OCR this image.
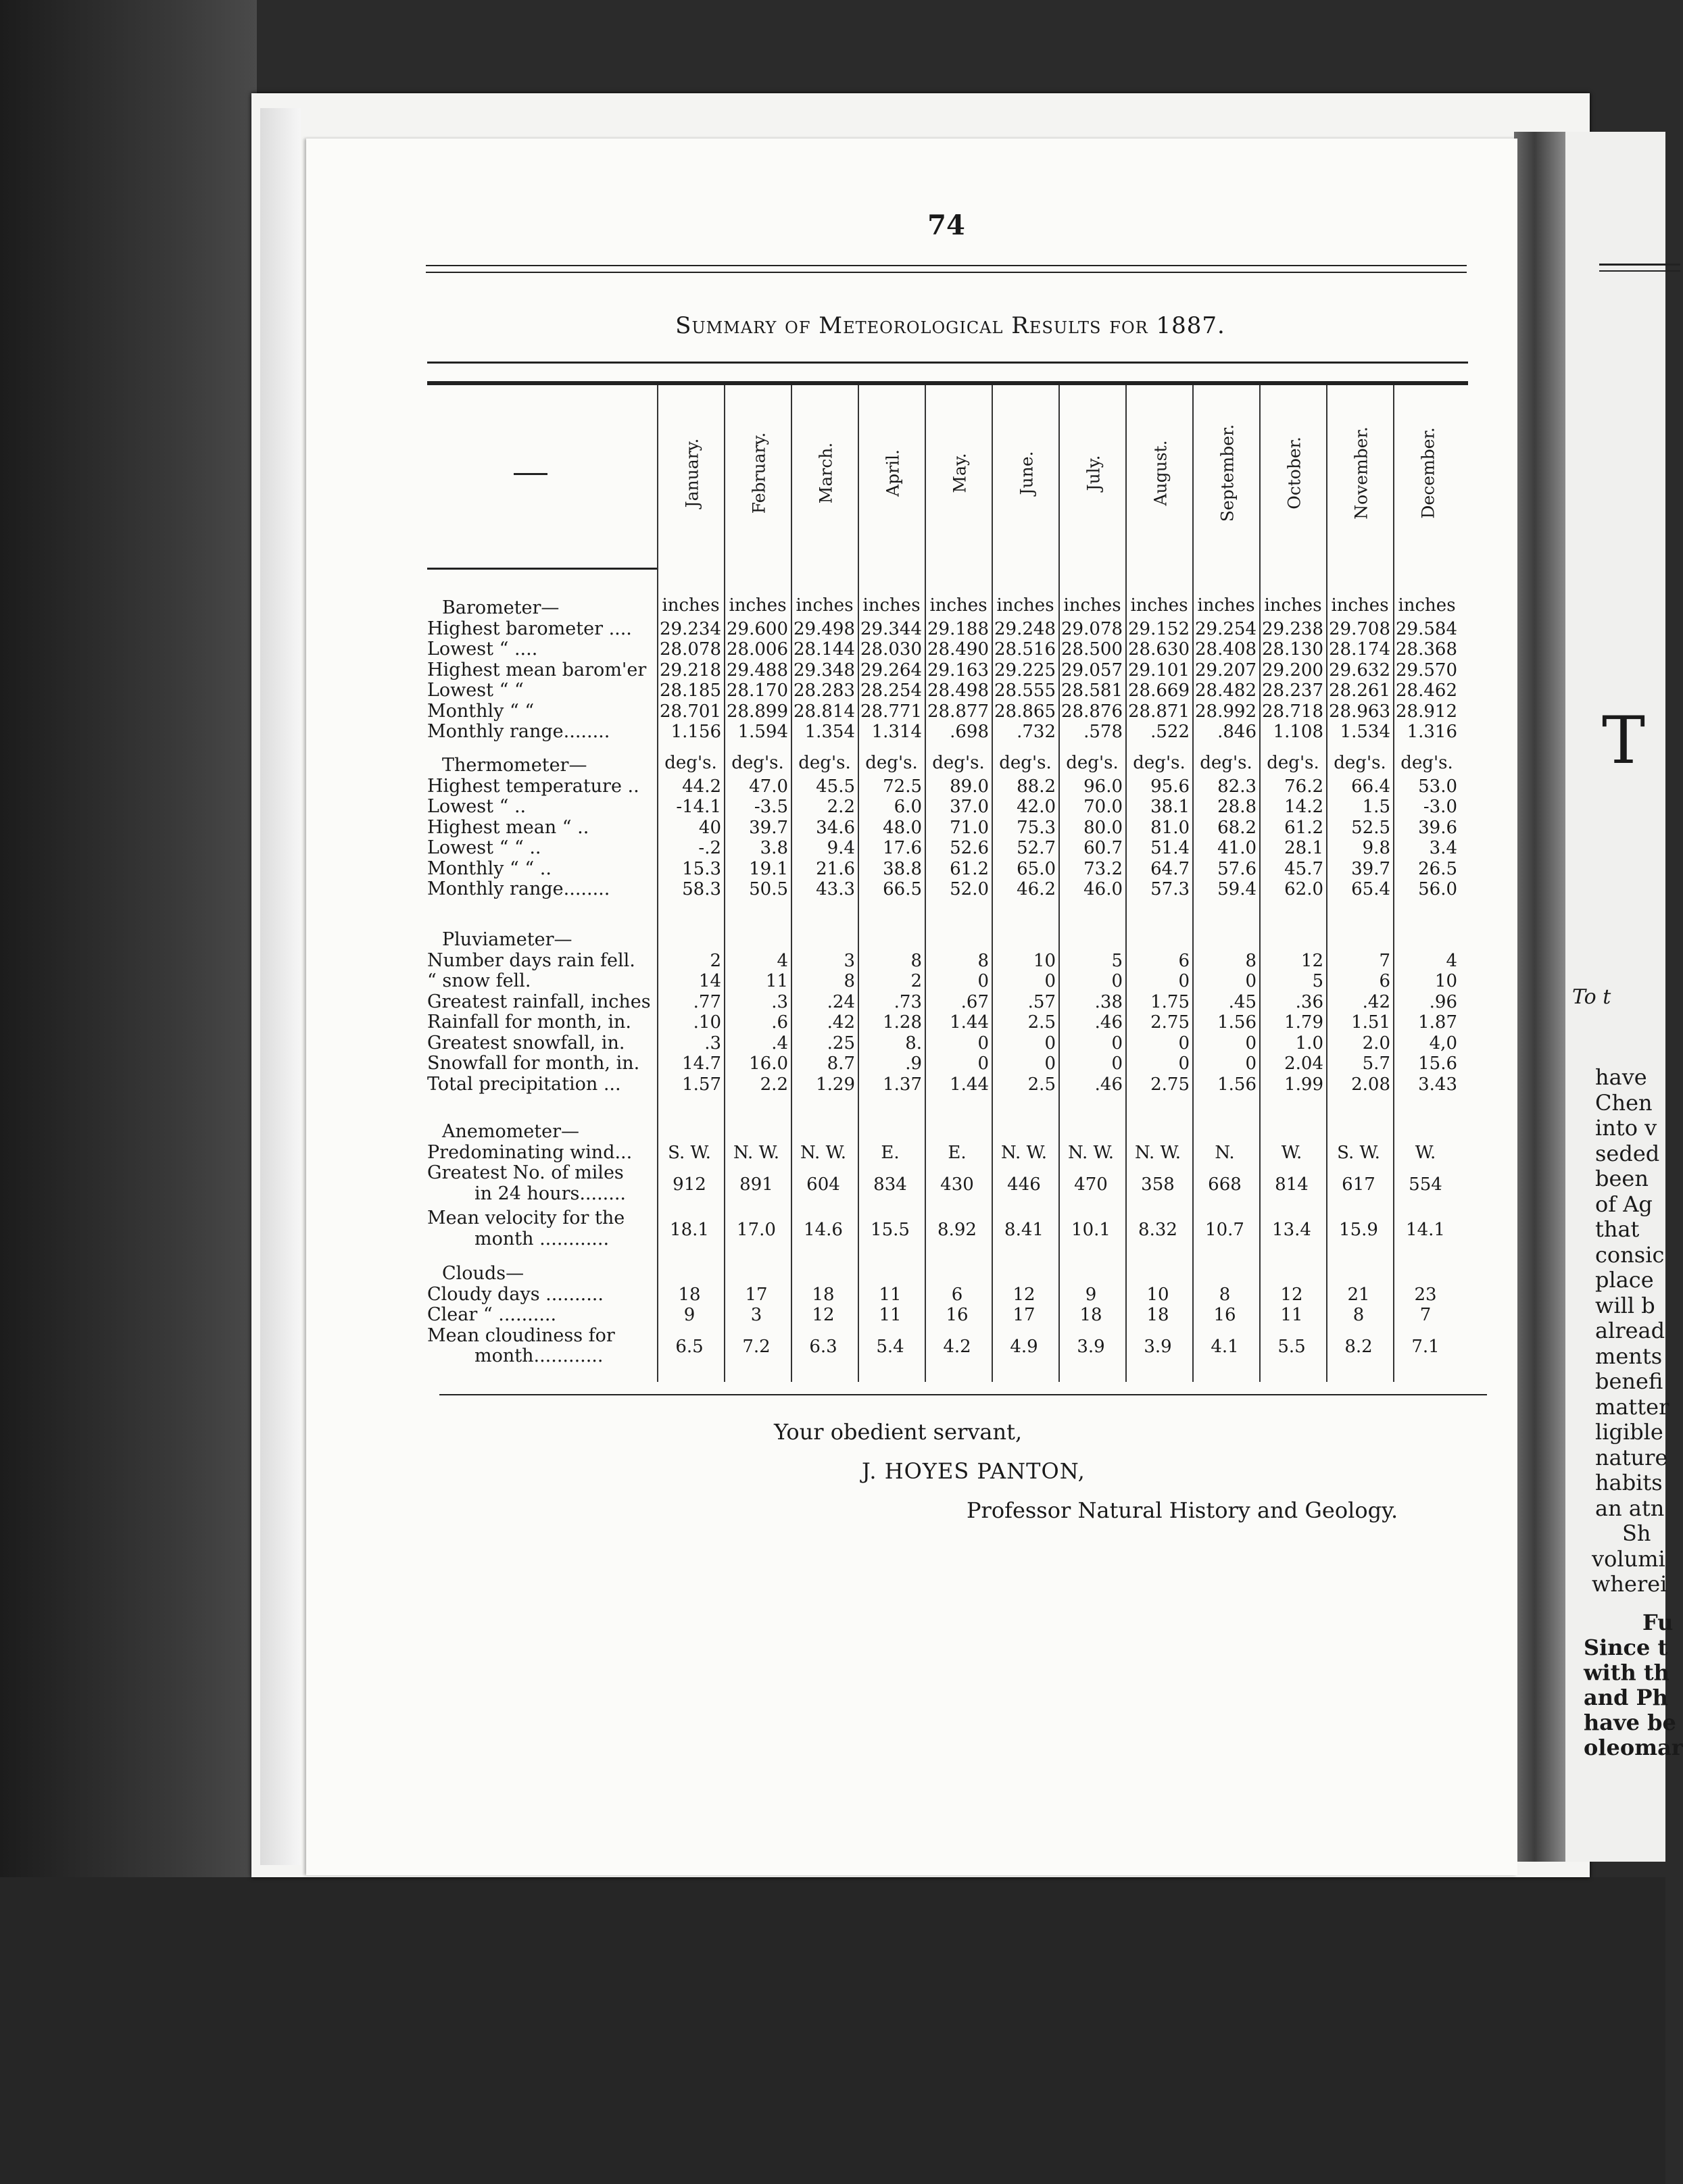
T
To t
have
Chen
into v
seded
been
of Ag
that
consic
place
will b
alread
ments
benefi
matter
ligible
nature
habits
an atn
Sh
volumi
wherei
Fu
Since t
with th
and Ph
have be
oleomar
74
Summary of Meteorological Results for 1887.
January.	February.	March.	April.	May.	June.	July.	August.	September.	October.	November.	December.
Barometer—	inches inches inches inches inches inches inches inches inches inches inches inches
Highest barometer .... 29.234 29.600 29.498 29.344 29.188 29.248 29.078 29.152 29.254 29.238 29.708 29.584
Lowest “ ....	28.078 28.006 28.144 28.030 28.490 28.516 28.500 28.630 28.408 28.130 28.174 28.368
Highest mean barom'er 29.218 29.488 29.348 29.264 29.163 29.225 29.057 29.101 29.207 29.200 29.632 29.570
Lowest “ “	28.185 28.170 28.283 28.254 28.498 28.555 28.581 28.669 28.482 28.237 28.261 28.462
Monthly “ “	28.701 28.899 28.814 28.771 28.877 28.865 28.876 28.871 28.992 28.718 28.963 28.912
Monthly range........	1.156 1.594 1.354 1.314	.698	.732	.578	.522	.846 1.108 1.534 1.316
Thermometer—	deg's. deg's. deg's. deg's. deg's. deg's. deg's. deg's. deg's. deg's. deg's. deg's.
Highest temperature ..	44.2	47.0	45.5	72.5	89.0	88.2	96.0	95.6	82.3	76.2	66.4	53.0
Lowest “ ..	-14.1	-3.5	2.2	6.0	37.0	42.0	70.0	38.1	28.8	14.2	1.5	-3.0
Highest mean “ ..	40	39.7	34.6	48.0	71.0	75.3	80.0	81.0	68.2	61.2	52.5	39.6
Lowest “ “ ..	-.2	3.8	9.4	17.6	52.6	52.7	60.7	51.4	41.0	28.1	9.8	3.4
Monthly “ “ ..	15.3	19.1	21.6	38.8	61.2	65.0	73.2	64.7	57.6	45.7	39.7	26.5
Monthly range........	58.3	50.5	43.3	66.5	52.0	46.2	46.0	57.3	59.4	62.0	65.4	56.0
Pluviameter—
Number days rain fell.	2	4	3	8	8	10	5	6	8	12	7	4
“ snow fell.	14	11	8	2	0	0	0	0	0	5	6	10
Greatest rainfall, inches	.77	.3	.24	.73	.67	.57	.38	1.75	.45	.36	.42	.96
Rainfall for month, in.	.10	.6	.42	1.28	1.44	2.5	.46	2.75	1.56	1.79	1.51	1.87
Greatest snowfall, in.	.3	.4	.25	8.	0	0	0	0	0	1.0	2.0	4,0
Snowfall for month, in.	14.7	16.0	8.7	.9	0	0	0	0	0	2.04	5.7	15.6
Total precipitation ...	1.57	2.2	1.29	1.37	1.44	2.5	.46	2.75	1.56	1.99	2.08	3.43
Anemometer—
Predominating wind...	S. W.	N. W.	N. W.	E.	E.	N. W.	N. W.	N. W.	N.	W.	S. W.	W.
Greatest No. of miles
in 24 hours........	912	891	604	834	430	446	470	358	668	814	617	554
Mean velocity for the
month ............	18.1	17.0	14.6	15.5	8.92	8.41	10.1	8.32	10.7	13.4	15.9	14.1
Clouds—
Cloudy days ..........	18	17	18	11	6	12	9	10	8	12	21	23
Clear “ ..........	9	3	12	11	16	17	18	18	16	11	8	7
Mean cloudiness for
month............	6.5	7.2	6.3	5.4	4.2	4.9	3.9	3.9	4.1	5.5	8.2	7.1
Your obedient servant,
J. HOYES PANTON,
Professor Natural History and Geology.
